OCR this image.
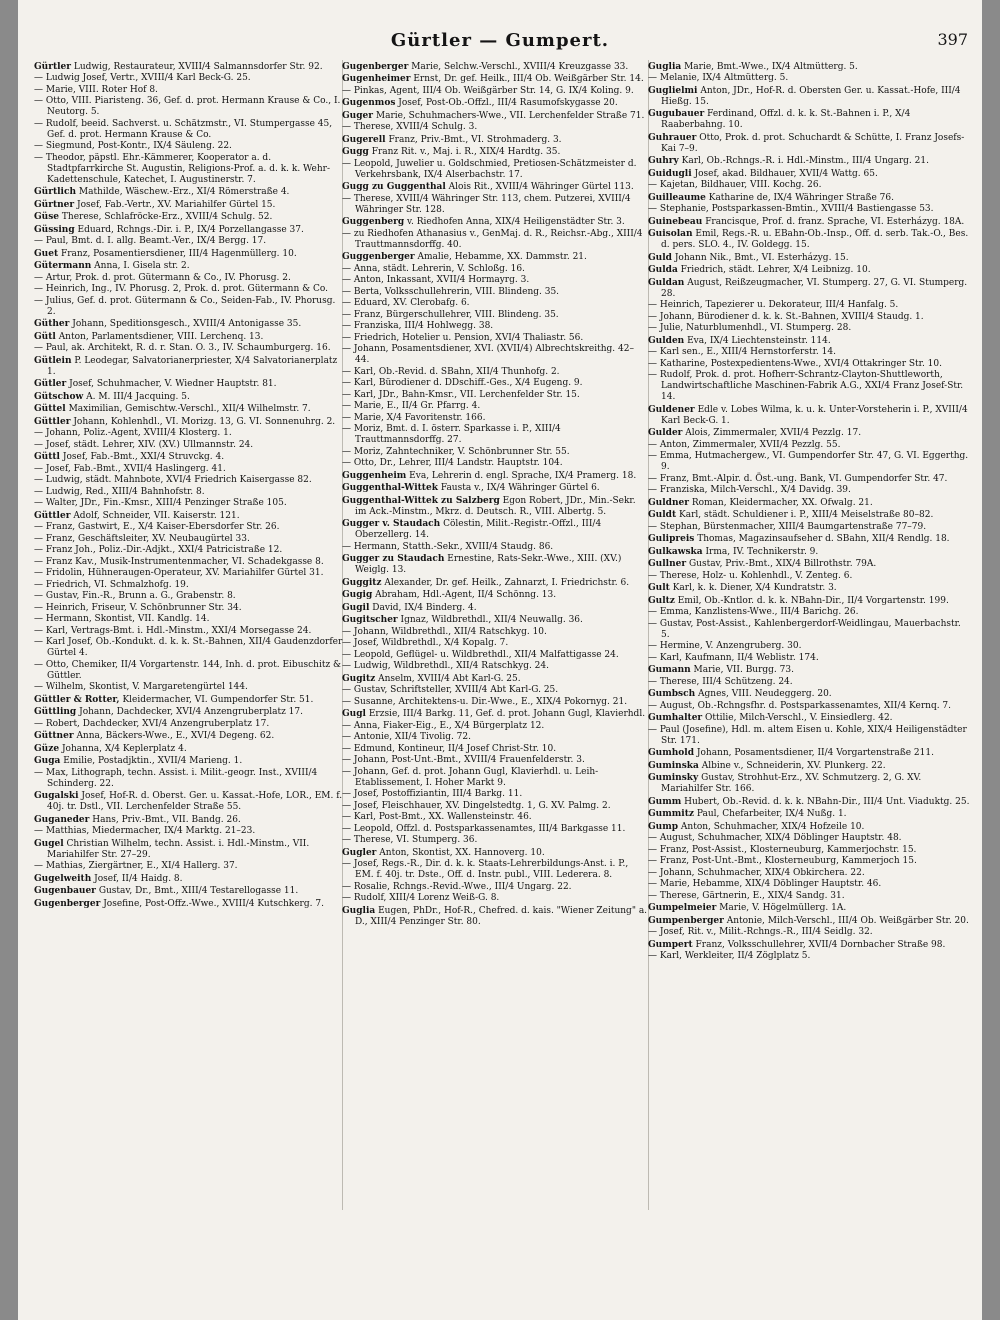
Gürtler — Gumpert.	397
Gürtler Ludwig, Restaurateur, XVIII/4 Salmannsdorfer Str. 92.
— Ludwig Josef, Vertr., XVIII/4 Karl Beck-G. 25.
— Marie, VIII. Roter Hof 8.
— Otto, VIII. Piaristeng. 36, Gef. d. prot. Hermann Krause & Co., I. Neutorg. 5.
— Rudolf, beeid. Sachverst. u. Schätzmstr., VI. Stumpergasse 45, Gef. d. prot. Hermann Krause & Co.
— Siegmund, Post-Kontr., IX/4 Säuleng. 22.
— Theodor, päpstl. Ehr.-Kämmerer, Kooperator a. d. Stadtpfarrkirche St. Augustin, Religions-Prof. a. d. k. k. Wehr-Kadettenschule, Katechet, I. Augustinerstr. 7.
Gürtlich Mathilde, Wäschew.-Erz., XI/4 Römerstraße 4.
Gürtner Josef, Fab.-Vertr., XV. Mariahilfer Gürtel 15.
Güse Therese, Schlafröcke-Erz., XVIII/4 Schulg. 52.
Güssing Eduard, Rchngs.-Dir. i. P., IX/4 Porzellangasse 37.
— Paul, Bmt. d. I. allg. Beamt.-Ver., IX/4 Bergg. 17.
Guet Franz, Posamentiersdiener, III/4 Hagenmüllerg. 10.
Gütermann Anna, I. Gisela str. 2.
— Artur, Prok. d. prot. Gütermann & Co., IV. Phorusg. 2.
— Heinrich, Ing., IV. Phorusg. 2, Prok. d. prot. Gütermann & Co.
— Julius, Gef. d. prot. Gütermann & Co., Seiden-Fab., IV. Phorusg. 2.
Güther Johann, Speditionsgesch., XVIII/4 Antonigasse 35.
Gütl Anton, Parlamentsdiener, VIII. Lerchenq. 13.
— Paul, ak. Architekt, R. d. r. Stan. O. 3., IV. Schaumburgerg. 16.
Gütlein P. Leodegar, Salvatorianerpriester, X/4 Salvatorianerplatz 1.
Gütler Josef, Schuhmacher, V. Wiedner Hauptstr. 81.
Gütschow A. M. III/4 Jacquing. 5.
Güttel Maximilian, Gemischtw.-Verschl., XII/4 Wilhelmstr. 7.
Güttler Johann, Kohlenhdl., VI. Morizg. 13, G. VI. Sonnenuhrg. 2.
— Johann, Poliz.-Agent, XVIII/4 Klosterg. 1.
— Josef, städt. Lehrer, XIV. (XV.) Ullmannstr. 24.
Güttl Josef, Fab.-Bmt., XXI/4 Struvckg. 4.
— Josef, Fab.-Bmt., XVII/4 Haslingerg. 41.
— Ludwig, städt. Mahnbote, XVI/4 Friedrich Kaisergasse 82.
— Ludwig, Red., XIII/4 Bahnhofstr. 8.
— Walter, JDr., Fin.-Kmsr., XIII/4 Penzinger Straße 105.
Güttler Adolf, Schneider, VII. Kaiserstr. 121.
— Franz, Gastwirt, E., X/4 Kaiser-Ebersdorfer Str. 26.
— Franz, Geschäftsleiter, XV. Neubaugürtel 33.
— Franz Joh., Poliz.-Dir.-Adjkt., XXI/4 Patricistraße 12.
— Franz Kav., Musik-Instrumentenmacher, VI. Schadekgasse 8.
— Fridolin, Hühneraugen-Operateur, XV. Mariahilfer Gürtel 31.
— Friedrich, VI. Schmalzhofg. 19.
— Gustav, Fin.-R., Brunn a. G., Grabenstr. 8.
— Heinrich, Friseur, V. Schönbrunner Str. 34.
— Hermann, Skontist, VII. Kandlg. 14.
— Karl, Vertrags-Bmt. i. Hdl.-Minstm., XXI/4 Morsegasse 24.
— Karl Josef, Ob.-Kondukt. d. k. k. St.-Bahnen, XII/4 Gaudenzdorfer Gürtel 4.
— Otto, Chemiker, II/4 Vorgartenstr. 144, Inh. d. prot. Eibuschitz & Güttler.
— Wilhelm, Skontist, V. Margaretengürtel 144.
Güttler & Rotter, Kleidermacher, VI. Gumpendorfer Str. 51.
Güttling Johann, Dachdecker, XVI/4 Anzengruberplatz 17.
— Robert, Dachdecker, XVI/4 Anzengruberplatz 17.
Güttner Anna, Bäckers-Wwe., E., XVI/4 Degeng. 62.
Güze Johanna, X/4 Keplerplatz 4.
Guga Emilie, Postadjktin., XVII/4 Marieng. 1.
— Max, Lithograph, techn. Assist. i. Milit.-geogr. Inst., XVIII/4 Schinderg. 22.
Gugalski Josef, Hof-R. d. Oberst. Ger. u. Kassat.-Hofe, LOR., EM. f. 40j. tr. Dstl., VII. Lerchenfelder Straße 55.
Guganeder Hans, Priv.-Bmt., VII. Bandg. 26.
— Matthias, Miedermacher, IX/4 Marktg. 21–23.
Gugel Christian Wilhelm, techn. Assist. i. Hdl.-Minstm., VII. Mariahilfer Str. 27–29.
— Mathias, Ziergärtner, E., XI/4 Hallerg. 37.
Gugelweith Josef, II/4 Haidg. 8.
Gugenbauer Gustav, Dr., Bmt., XIII/4 Testarellogasse 11.
Gugenberger Josefine, Post-Offz.-Wwe., XVIII/4 Kutschkerg. 7.
Gugenberger Marie, Selchw.-Verschl., XVIII/4 Kreuzgasse 33.
Gugenheimer Ernst, Dr. gef. Heilk., III/4 Ob. Weißgärber Str. 14.
— Pinkas, Agent, III/4 Ob. Weißgärber Str. 14, G. IX/4 Koling. 9.
Gugenmos Josef, Post-Ob.-Offzl., III/4 Rasumofskygasse 20.
Guger Marie, Schuhmachers-Wwe., VII. Lerchenfelder Straße 71.
— Therese, XVIII/4 Schulg. 3.
Gugerell Franz, Priv.-Bmt., VI. Strohmaderg. 3.
Gugg Franz Rit. v., Maj. i. R., XIX/4 Hardtg. 35.
— Leopold, Juwelier u. Goldschmied, Pretiosen-Schätzmeister d. Verkehrsbank, IX/4 Alserbachstr. 17.
Gugg zu Guggenthal Alois Rit., XVIII/4 Währinger Gürtel 113.
— Therese, XVIII/4 Währinger Str. 113, chem. Putzerei, XVIII/4 Währinger Str. 128.
Guggenberg v. Riedhofen Anna, XIX/4 Heiligenstädter Str. 3.
— zu Riedhofen Athanasius v., GenMaj. d. R., Reichsr.-Abg., XIII/4 Trauttmannsdorffg. 40.
Guggenberger Amalie, Hebamme, XX. Dammstr. 21.
— Anna, städt. Lehrerin, V. Schloßg. 16.
— Anton, Inkassant, XVII/4 Hormayrg. 3.
— Berta, Volksschullehrerin, VIII. Blindeng. 35.
— Eduard, XV. Clerobafg. 6.
— Franz, Bürgerschullehrer, VIII. Blindeng. 35.
— Franziska, III/4 Hohlwegg. 38.
— Friedrich, Hotelier u. Pension, XVI/4 Thaliastr. 56.
— Johann, Posamentsdiener, XVI. (XVII/4) Albrechtskreithg. 42–44.
— Karl, Ob.-Revid. d. SBahn, XII/4 Thunhofg. 2.
— Karl, Bürodiener d. DDschiff.-Ges., X/4 Eugeng. 9.
— Karl, JDr., Bahn-Kmsr., VII. Lerchenfelder Str. 15.
— Marie, E., II/4 Gr. Pfarrg. 4.
— Marie, X/4 Favoritenstr. 166.
— Moriz, Bmt. d. I. österr. Sparkasse i. P., XIII/4 Trauttmannsdorffg. 27.
— Moriz, Zahntechniker, V. Schönbrunner Str. 55.
— Otto, Dr., Lehrer, III/4 Landstr. Hauptstr. 104.
Guggenheim Eva, Lehrerin d. engl. Sprache, IX/4 Pramerg. 18.
Guggenthal-Wittek Fausta v., IX/4 Währinger Gürtel 6.
Guggenthal-Wittek zu Salzberg Egon Robert, JDr., Min.-Sekr. im Ack.-Minstm., Mkrz. d. Deutsch. R., VIII. Albertg. 5.
Gugger v. Staudach Cölestin, Milit.-Registr.-Offzl., III/4 Oberzellerg. 14.
— Hermann, Statth.-Sekr., XVIII/4 Staudg. 86.
Gugger zu Staudach Ernestine, Rats-Sekr.-Wwe., XIII. (XV.) Weiglg. 13.
Guggitz Alexander, Dr. gef. Heilk., Zahnarzt, I. Friedrichstr. 6.
Gugig Abraham, Hdl.-Agent, II/4 Schönng. 13.
Gugil David, IX/4 Binderg. 4.
Gugitscher Ignaz, Wildbrethdl., XII/4 Neuwallg. 36.
— Johann, Wildbrethdl., XII/4 Ratschkyg. 10.
— Josef, Wildbrethdl., X/4 Kopalg. 7.
— Leopold, Geflügel- u. Wildbrethdl., XII/4 Malfattigasse 24.
— Ludwig, Wildbrethdl., XII/4 Ratschkyg. 24.
Gugitz Anselm, XVIII/4 Abt Karl-G. 25.
— Gustav, Schriftsteller, XVIII/4 Abt Karl-G. 25.
— Susanne, Architektens-u. Dir.-Wwe., E., XIX/4 Pokornyg. 21.
Gugl Erzsie, III/4 Barkg. 11, Gef. d. prot. Johann Gugl, Klavierhdl.
— Anna, Fiaker-Eig., E., X/4 Bürgerplatz 12.
— Antonie, XII/4 Tivolig. 72.
— Edmund, Kontineur, II/4 Josef Christ-Str. 10.
— Johann, Post-Unt.-Bmt., XVIII/4 Frauenfelderstr. 3.
— Johann, Gef. d. prot. Johann Gugl, Klavierhdl. u. Leih-Etablissement, I. Hoher Markt 9.
— Josef, Postoffiziantin, III/4 Barkg. 11.
— Josef, Fleischhauer, XV. Dingelstedtg. 1, G. XV. Palmg. 2.
— Karl, Post-Bmt., XX. Wallensteinstr. 46.
— Leopold, Offzl. d. Postsparkassenamtes, III/4 Barkgasse 11.
— Therese, VI. Stumperg. 36.
Gugler Anton, Skontist, XX. Hannoverg. 10.
— Josef, Regs.-R., Dir. d. k. k. Staats-Lehrerbildungs-Anst. i. P., EM. f. 40j. tr. Dste., Off. d. Instr. publ., VIII. Lederera. 8.
— Rosalie, Rchngs.-Revid.-Wwe., III/4 Ungarg. 22.
— Rudolf, XIII/4 Lorenz Weiß-G. 8.
Guglia Eugen, PhDr., Hof-R., Chefred. d. kais. "Wiener Zeitung" a. D., XIII/4 Penzinger Str. 80.
Guglia Marie, Bmt.-Wwe., IX/4 Altmütterg. 5.
— Melanie, IX/4 Altmütterg. 5.
Guglielmi Anton, JDr., Hof-R. d. Obersten Ger. u. Kassat.-Hofe, III/4 Hießg. 15.
Gugubauer Ferdinand, Offzl. d. k. k. St.-Bahnen i. P., X/4 Raaberbahng. 10.
Guhrauer Otto, Prok. d. prot. Schuchardt & Schütte, I. Franz Josefs-Kai 7–9.
Guhry Karl, Ob.-Rchngs.-R. i. Hdl.-Minstm., III/4 Ungarg. 21.
Guidugli Josef, akad. Bildhauer, XVII/4 Wattg. 65.
— Kajetan, Bildhauer, VIII. Kochg. 26.
Guilleaume Katharine de, IX/4 Währinger Straße 76.
— Stephanie, Postsparkassen-Bmtin., XVIII/4 Bastiengasse 53.
Guinebeau Francisque, Prof. d. franz. Sprache, VI. Esterházyg. 18A.
Guisolan Emil, Regs.-R. u. EBahn-Ob.-Insp., Off. d. serb. Tak.-O., Bes. d. pers. SLO. 4., IV. Goldegg. 15.
Guld Johann Nik., Bmt., VI. Esterházyg. 15.
Gulda Friedrich, städt. Lehrer, X/4 Leibnizg. 10.
Guldan August, Reißzeugmacher, VI. Stumperg. 27, G. VI. Stumperg. 28.
— Heinrich, Tapezierer u. Dekorateur, III/4 Hanfalg. 5.
— Johann, Bürodiener d. k. k. St.-Bahnen, XVIII/4 Staudg. 1.
— Julie, Naturblumenhdl., VI. Stumperg. 28.
Gulden Eva, IX/4 Liechtensteinstr. 114.
— Karl sen., E., XIII/4 Hernstorferstr. 14.
— Katharine, Postexpedientens-Wwe., XVI/4 Ottakringer Str. 10.
— Rudolf, Prok. d. prot. Hofherr-Schrantz-Clayton-Shuttleworth, Landwirtschaftliche Maschinen-Fabrik A.G., XXI/4 Franz Josef-Str. 14.
Guldener Edle v. Lobes Wilma, k. u. k. Unter-Vorsteherin i. P., XVIII/4 Karl Beck-G. 1.
Gulder Alois, Zimmermaler, XVII/4 Pezzlg. 17.
— Anton, Zimmermaler, XVII/4 Pezzlg. 55.
— Emma, Hutmachergew., VI. Gumpendorfer Str. 47, G. VI. Eggerthg. 9.
— Franz, Bmt.-Alpir. d. Öst.-ung. Bank, VI. Gumpendorfer Str. 47.
— Franziska, Milch-Verschl., X/4 Davidg. 39.
Guldner Roman, Kleidermacher, XX. Ofwalg. 21.
Guldt Karl, städt. Schuldiener i. P., XIII/4 Meiselstraße 80–82.
— Stephan, Bürstenmacher, XIII/4 Baumgartenstraße 77–79.
Gulipreis Thomas, Magazinsaufseher d. SBahn, XII/4 Rendlg. 18.
Gulkawska Irma, IV. Technikerstr. 9.
Gullner Gustav, Priv.-Bmt., XIX/4 Billrothstr. 79A.
— Therese, Holz- u. Kohlenhdl., V. Zenteg. 6.
Gult Karl, k. k. Diener, X/4 Kundratstr. 3.
Gultz Emil, Ob.-Kntlor. d. k. k. NBahn-Dir., II/4 Vorgartenstr. 199.
— Emma, Kanzlistens-Wwe., III/4 Barichg. 26.
— Gustav, Post-Assist., Kahlenbergerdorf-Weidlingau, Mauerbachstr. 5.
— Hermine, V. Anzengruberg. 30.
— Karl, Kaufmann, II/4 Weblistr. 174.
Gumann Marie, VII. Burgg. 73.
— Therese, III/4 Schützeng. 24.
Gumbsch Agnes, VIII. Neudeggerg. 20.
— August, Ob.-Rchngsfhr. d. Postsparkassenamtes, XII/4 Kernq. 7.
Gumhalter Ottilie, Milch-Verschl., V. Einsiedlerg. 42.
— Paul (Josefine), Hdl. m. altem Eisen u. Kohle, XIX/4 Heiligenstädter Str. 171.
Gumhold Johann, Posamentsdiener, II/4 Vorgartenstraße 211.
Guminska Albine v., Schneiderin, XV. Plunkerg. 22.
Guminsky Gustav, Strohhut-Erz., XV. Schmutzerg. 2, G. XV. Mariahilfer Str. 166.
Gumm Hubert, Ob.-Revid. d. k. k. NBahn-Dir., III/4 Unt. Viaduktg. 25.
Gummitz Paul, Chefarbeiter, IX/4 Nußg. 1.
Gump Anton, Schuhmacher, XIX/4 Hofzeile 10.
— August, Schuhmacher, XIX/4 Döblinger Hauptstr. 48.
— Franz, Post-Assist., Klosterneuburg, Kammerjochstr. 15.
— Franz, Post-Unt.-Bmt., Klosterneuburg, Kammerjoch 15.
— Johann, Schuhmacher, XIX/4 Obkirchera. 22.
— Marie, Hebamme, XIX/4 Döblinger Hauptstr. 46.
— Therese, Gärtnerin, E., XIX/4 Sandg. 31.
Gumpelmeier Marie, V. Högelmüllerg. 1A.
Gumpenberger Antonie, Milch-Verschl., III/4 Ob. Weißgärber Str. 20.
— Josef, Rit. v., Milit.-Rchngs.-R., III/4 Seidlg. 32.
Gumpert Franz, Volksschullehrer, XVII/4 Dornbacher Straße 98.
— Karl, Werkleiter, II/4 Zöglplatz 5.
